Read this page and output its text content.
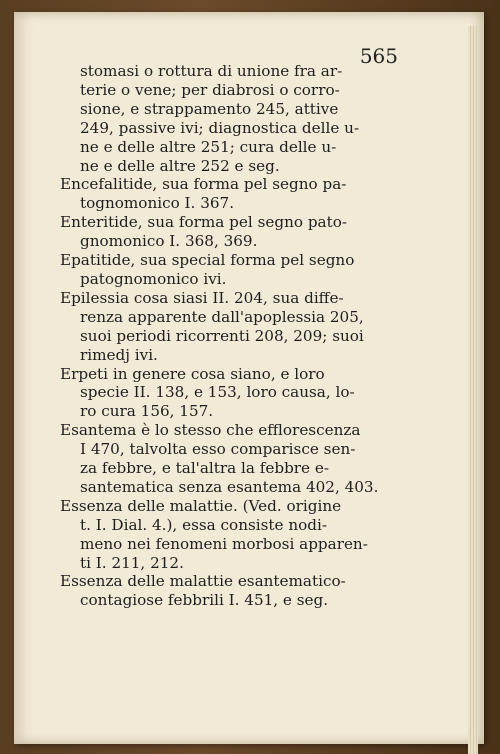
565
stomasi o rottura di unione fra ar-
terie o vene; per diabrosi o corro-
sione, e strappamento 245, attive
249, passive ivi; diagnostica delle u-
ne e delle altre 251; cura delle u-
ne e delle altre 252 e seg.
Encefalitide, sua forma pel segno pa-
tognomonico I. 367.
Enteritide, sua forma pel segno pato-
gnomonico I. 368, 369.
Epatitide, sua special forma pel segno
patognomonico ivi.
Epilessia cosa siasi II. 204, sua diffe-
renza apparente dall'apoplessia 205,
suoi periodi ricorrenti 208, 209; suoi
rimedj ivi.
Erpeti in genere cosa siano, e loro
specie II. 138, e 153, loro causa, lo-
ro cura 156, 157.
Esantema è lo stesso che efflorescenza
I 470, talvolta esso comparisce sen-
za febbre, e tal'altra la febbre e-
santematica senza esantema 402, 403.
Essenza delle malattie. (Ved. origine
t. I. Dial. 4.), essa consiste nodi-
meno nei fenomeni morbosi apparen-
ti I. 211, 212.
Essenza delle malattie esantematico-
contagiose febbrili I. 451, e seg.
